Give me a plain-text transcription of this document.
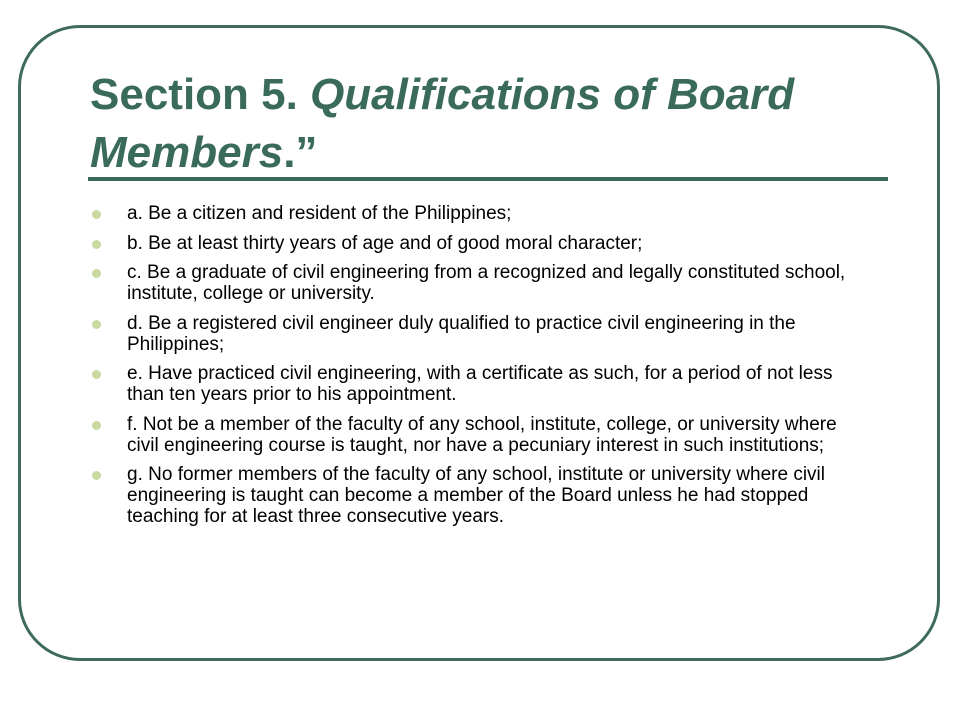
Section 5. Qualifications of Board Members.”
a. Be a citizen and resident of the Philippines;
b. Be at least thirty years of age and of good moral character;
c. Be a graduate of civil engineering from a recognized and legally constituted school, institute, college or university.
d. Be a registered civil engineer duly qualified to practice civil engineering in the Philippines;
e. Have practiced civil engineering, with a certificate as such, for a period of not less than ten years prior to his appointment.
f. Not be a member of the faculty of any school, institute, college, or university where civil engineering course is taught, nor have a pecuniary interest in such institutions;
g. No former members of the faculty of any school, institute or university where civil engineering is taught can become a member of the Board unless he had stopped teaching for at least three consecutive years.
